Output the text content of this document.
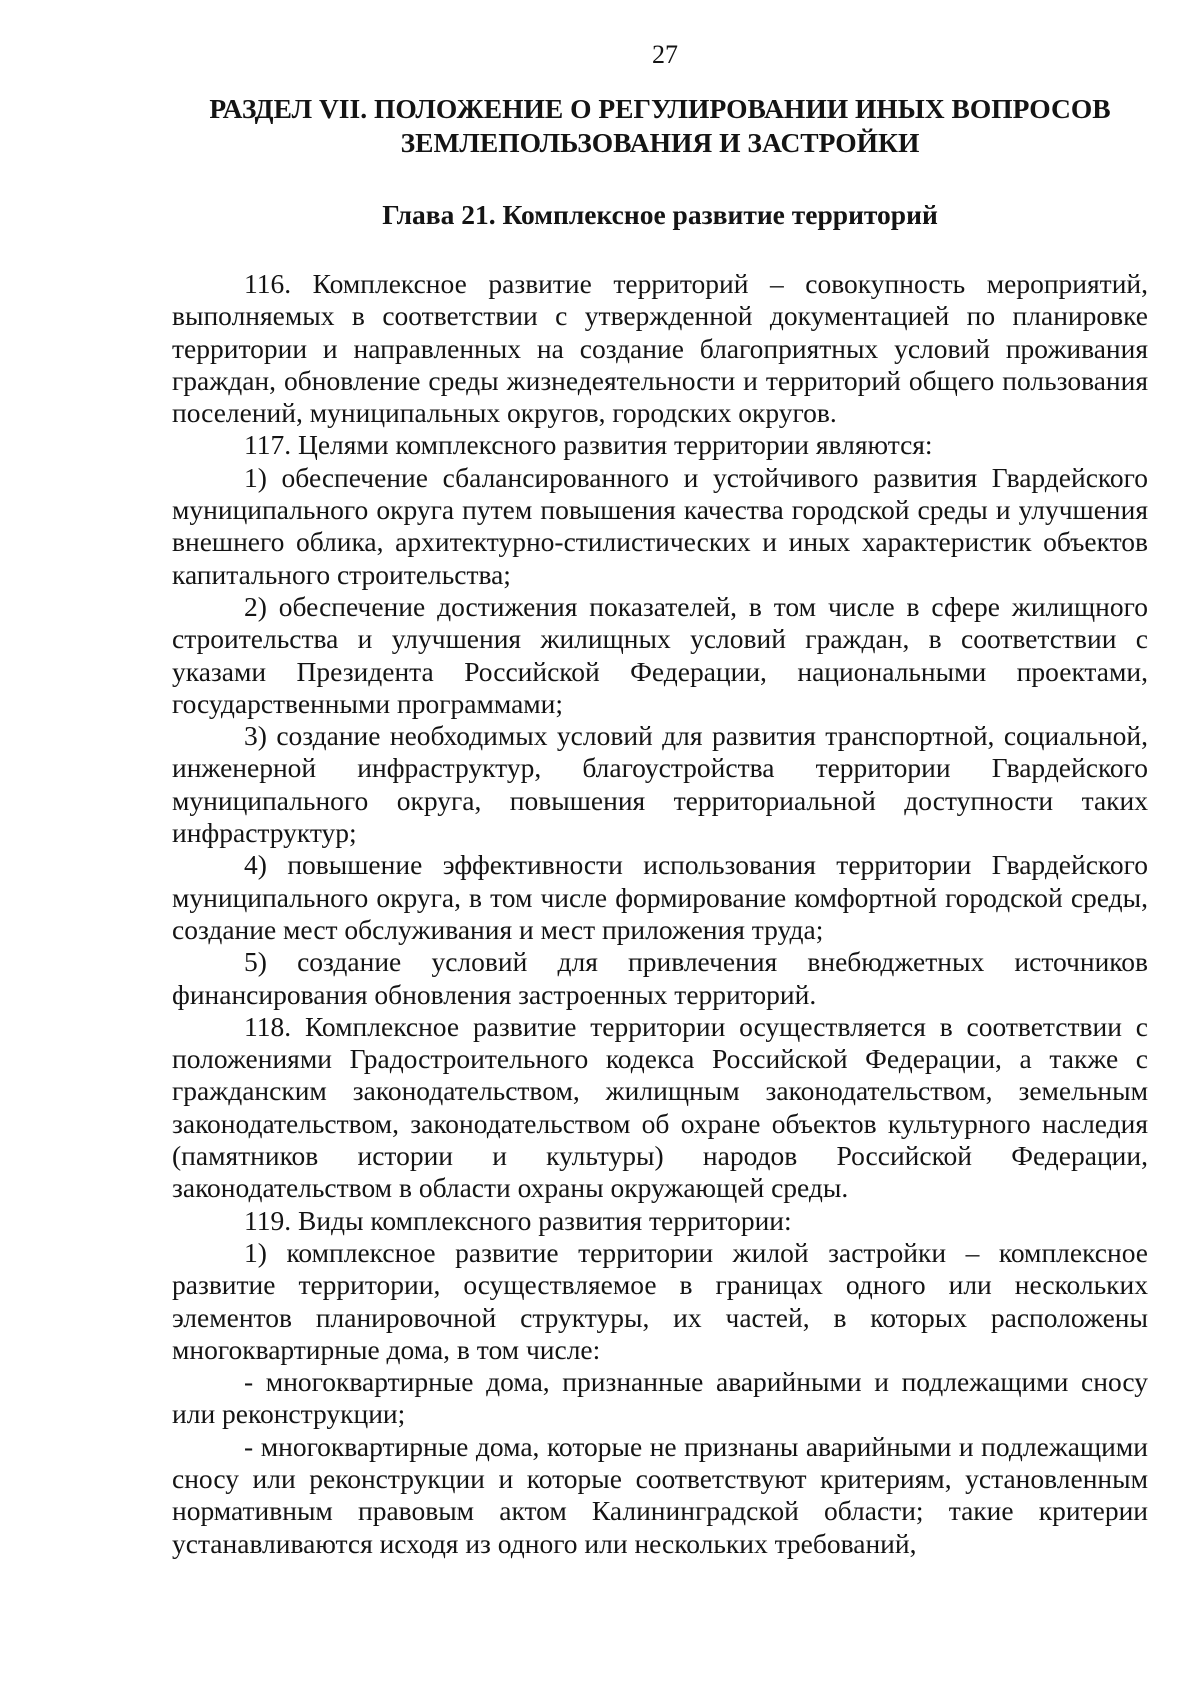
27

РАЗДЕЛ VII. ПОЛОЖЕНИЕ О РЕГУЛИРОВАНИИ ИНЫХ ВОПРОСОВ

ЗЕМЛЕПОЛЬЗОВАНИЯ И ЗАСТРОЙКИ

Глава 21. Комплексное развитие территорий

116. Комплексное развитие территорий – совокупность мероприятий, выполняемых в соответствии с утвержденной документацией по планировке территории и направленных на создание благоприятных условий проживания граждан, обновление среды жизнедеятельности и территорий общего пользования поселений, муниципальных округов, городских округов.

117. Целями комплексного развития территории являются:

1) обеспечение сбалансированного и устойчивого развития Гвардейского муниципального округа путем повышения качества городской среды и улучшения внешнего облика, архитектурно-стилистических и иных характеристик объектов капитального строительства;

2) обеспечение достижения показателей, в том числе в сфере жилищного строительства и улучшения жилищных условий граждан, в соответствии с указами Президента Российской Федерации, национальными проектами, государственными программами;

3) создание необходимых условий для развития транспортной, социальной, инженерной инфраструктур, благоустройства территории Гвардейского муниципального округа, повышения территориальной доступности таких инфраструктур;

4) повышение эффективности использования территории Гвардейского муниципального округа, в том числе формирование комфортной городской среды, создание мест обслуживания и мест приложения труда;

5) создание условий для привлечения внебюджетных источников финансирования обновления застроенных территорий.

118. Комплексное развитие территории осуществляется в соответствии с положениями Градостроительного кодекса Российской Федерации, а также с гражданским законодательством, жилищным законодательством, земельным законодательством, законодательством об охране объектов культурного наследия (памятников истории и культуры) народов Российской Федерации, законодательством в области охраны окружающей среды.

119. Виды комплексного развития территории:

1) комплексное развитие территории жилой застройки – комплексное развитие территории, осуществляемое в границах одного или нескольких элементов планировочной структуры, их частей, в которых расположены многоквартирные дома, в том числе:

- многоквартирные дома, признанные аварийными и подлежащими сносу или реконструкции;

- многоквартирные дома, которые не признаны аварийными и подлежащими сносу или реконструкции и которые соответствуют критериям, установленным нормативным правовым актом Калининградской области; такие критерии устанавливаются исходя из одного или нескольких требований,
